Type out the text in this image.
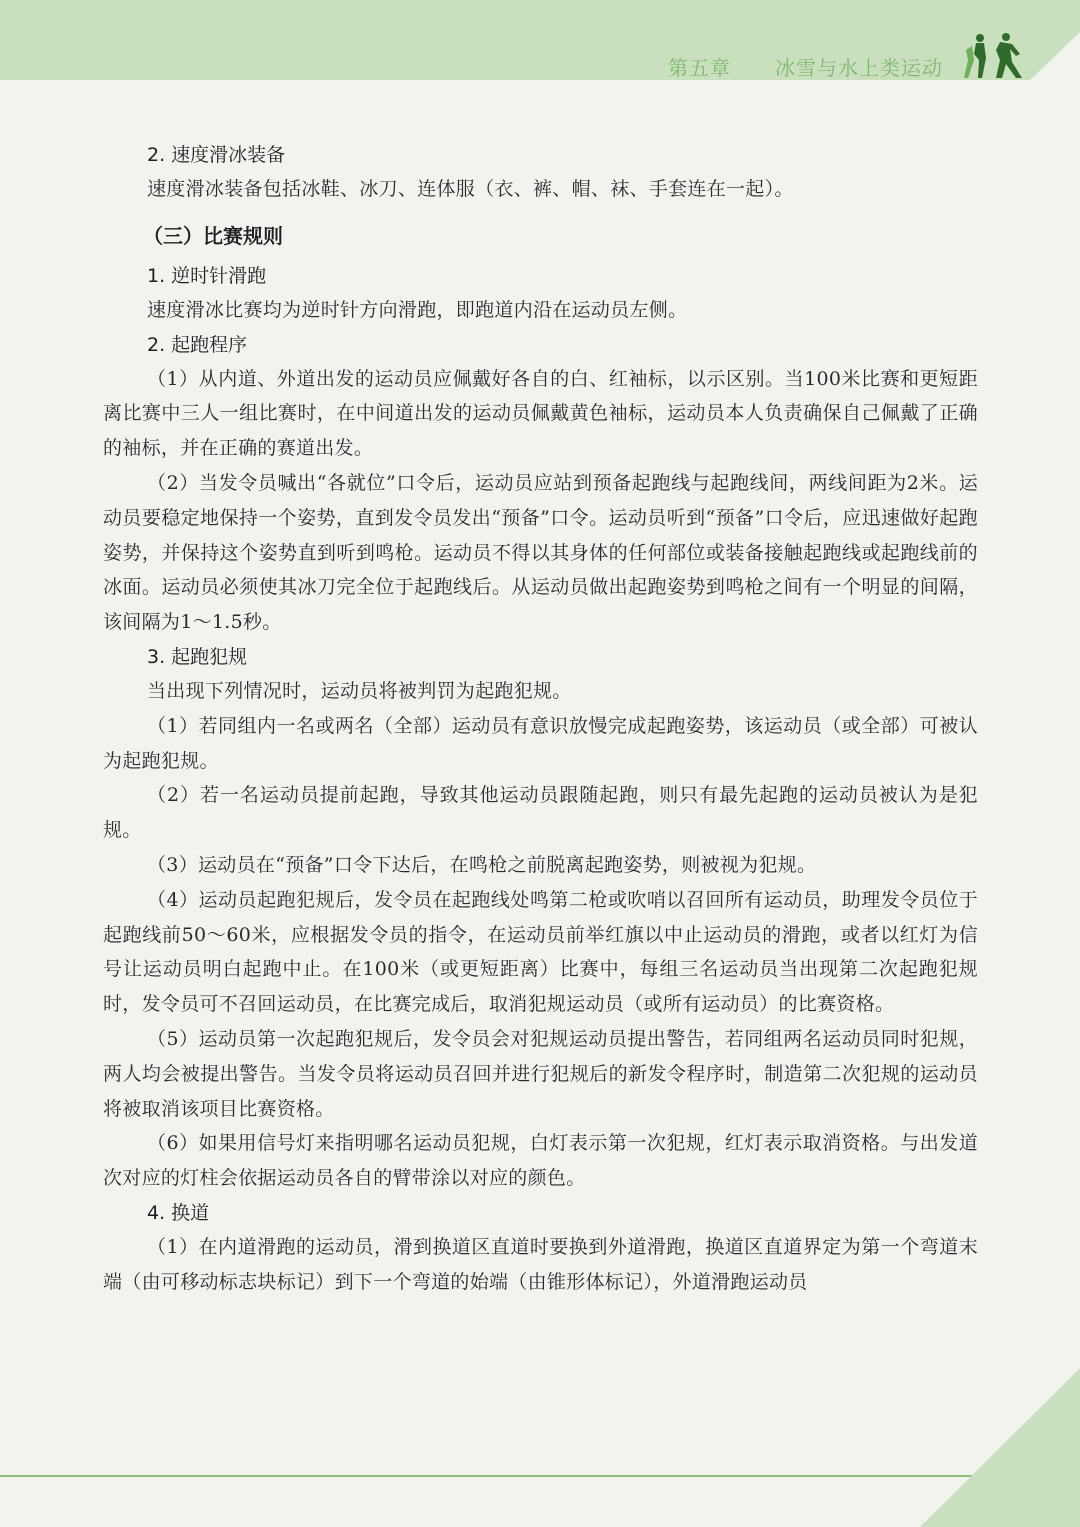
第五章 冰雪与水上类运动
2. 速度滑冰装备

速度滑冰装备包括冰鞋、冰刀、连体服（衣、裤、帽、袜、手套连在一起）。

（三）比赛规则
1. 逆时针滑跑

速度滑冰比赛均为逆时针方向滑跑，即跑道内沿在运动员左侧。

2. 起跑程序

（1）从内道、外道出发的运动员应佩戴好各自的白、红袖标，以示区别。当100米比赛和更短距离比赛中三人一组比赛时，在中间道出发的运动员佩戴黄色袖标，运动员本人负责确保自己佩戴了正确的袖标，并在正确的赛道出发。

（2）当发令员喊出“各就位”口令后，运动员应站到预备起跑线与起跑线间，两线间距为2米。运动员要稳定地保持一个姿势，直到发令员发出“预备”口令。运动员听到“预备”口令后，应迅速做好起跑姿势，并保持这个姿势直到听到鸣枪。运动员不得以其身体的任何部位或装备接触起跑线或起跑线前的冰面。运动员必须使其冰刀完全位于起跑线后。从运动员做出起跑姿势到鸣枪之间有一个明显的间隔，该间隔为1～1.5秒。

3. 起跑犯规

当出现下列情况时，运动员将被判罚为起跑犯规。

（1）若同组内一名或两名（全部）运动员有意识放慢完成起跑姿势，该运动员（或全部）可被认为起跑犯规。

（2）若一名运动员提前起跑，导致其他运动员跟随起跑，则只有最先起跑的运动员被认为是犯规。

（3）运动员在“预备”口令下达后，在鸣枪之前脱离起跑姿势，则被视为犯规。

（4）运动员起跑犯规后，发令员在起跑线处鸣第二枪或吹哨以召回所有运动员，助理发令员位于起跑线前50～60米，应根据发令员的指令，在运动员前举红旗以中止运动员的滑跑，或者以红灯为信号让运动员明白起跑中止。在100米（或更短距离）比赛中，每组三名运动员当出现第二次起跑犯规时，发令员可不召回运动员，在比赛完成后，取消犯规运动员（或所有运动员）的比赛资格。

（5）运动员第一次起跑犯规后，发令员会对犯规运动员提出警告，若同组两名运动员同时犯规，两人均会被提出警告。当发令员将运动员召回并进行犯规后的新发令程序时，制造第二次犯规的运动员将被取消该项目比赛资格。

（6）如果用信号灯来指明哪名运动员犯规，白灯表示第一次犯规，红灯表示取消资格。与出发道次对应的灯柱会依据运动员各自的臂带涂以对应的颜色。

4. 换道

（1）在内道滑跑的运动员，滑到换道区直道时要换到外道滑跑，换道区直道界定为第一个弯道末端（由可移动标志块标记）到下一个弯道的始端（由锥形体标记），外道滑跑运动员
